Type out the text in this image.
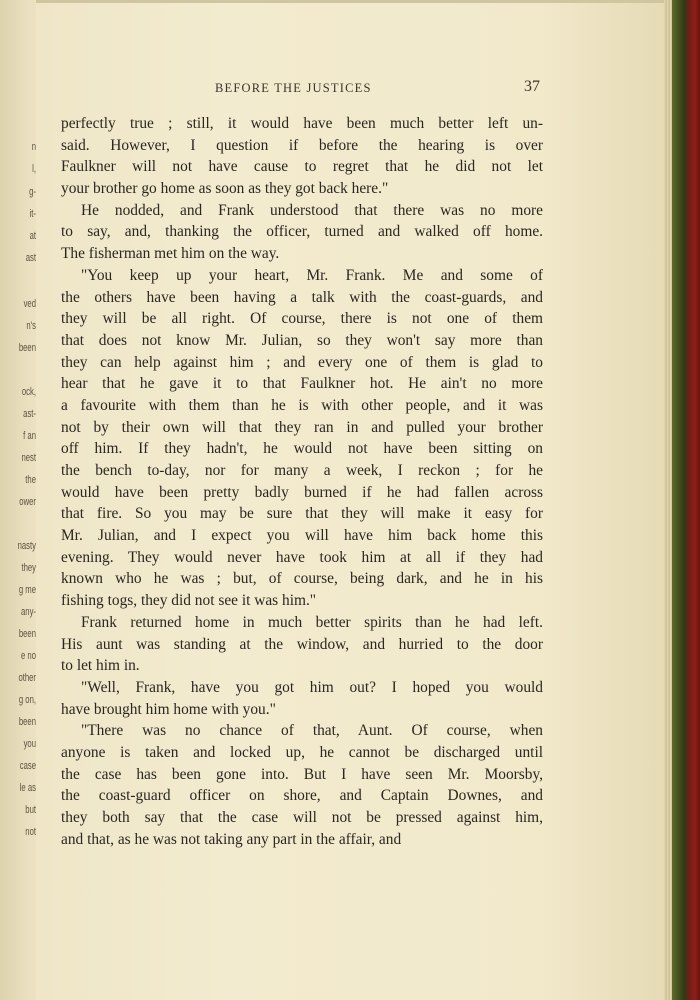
n
l,
g-
it-
at
ast
ved
n's
been
ock,
ast-
f an
nest
the
ower
nasty
they
g me
any-
been
e no
other
g on,
been
you
case
le as
but
not
BEFORE THE JUSTICES	37
perfectly true ; still, it would have been much better left un-
said. However, I question if before the hearing is over
Faulkner will not have cause to regret that he did not let
your brother go home as soon as they got back here."
He nodded, and Frank understood that there was no more
to say, and, thanking the officer, turned and walked off home.
The fisherman met him on the way.
"You keep up your heart, Mr. Frank. Me and some of
the others have been having a talk with the coast-guards, and
they will be all right. Of course, there is not one of them
that does not know Mr. Julian, so they won't say more than
they can help against him ; and every one of them is glad to
hear that he gave it to that Faulkner hot. He ain't no more
a favourite with them than he is with other people, and it was
not by their own will that they ran in and pulled your brother
off him. If they hadn't, he would not have been sitting on
the bench to-day, nor for many a week, I reckon ; for he
would have been pretty badly burned if he had fallen across
that fire. So you may be sure that they will make it easy for
Mr. Julian, and I expect you will have him back home this
evening. They would never have took him at all if they had
known who he was ; but, of course, being dark, and he in his
fishing togs, they did not see it was him."
Frank returned home in much better spirits than he had left.
His aunt was standing at the window, and hurried to the door
to let him in.
"Well, Frank, have you got him out? I hoped you would
have brought him home with you."
"There was no chance of that, Aunt. Of course, when
anyone is taken and locked up, he cannot be discharged until
the case has been gone into. But I have seen Mr. Moorsby,
the coast-guard officer on shore, and Captain Downes, and
they both say that the case will not be pressed against him,
and that, as he was not taking any part in the affair, and
